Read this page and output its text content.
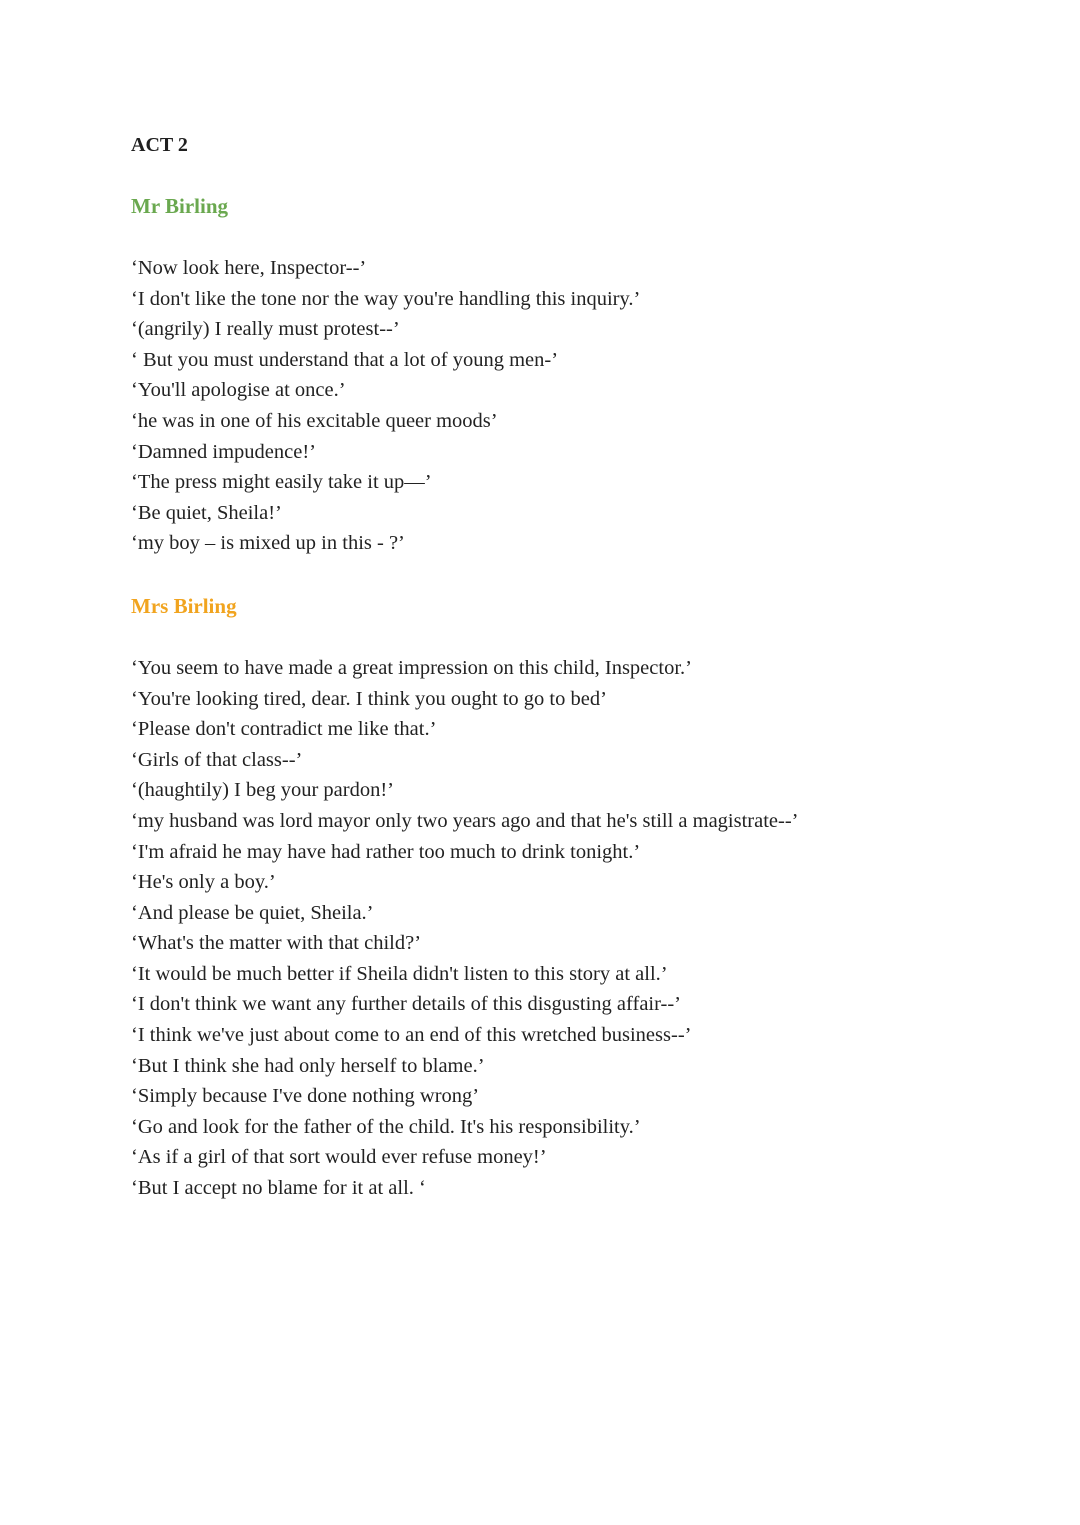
ACT 2
Mr Birling
‘Now look here, Inspector--’
‘I don't like the tone nor the way you're handling this inquiry.’
‘(angrily) I really must protest--’
‘ But you must understand that a lot of young men-’
‘You'll apologise at once.’
‘he was in one of his excitable queer moods’
‘Damned impudence!’
‘The press might easily take it up—’
‘Be quiet, Sheila!’
‘my boy – is mixed up in this - ?’
Mrs Birling
‘You seem to have made a great impression on this child, Inspector.’
‘You're looking tired, dear. I think you ought to go to bed’
‘Please don't contradict me like that.’
‘Girls of that class--’
‘(haughtily) I beg your pardon!’
‘my husband was lord mayor only two years ago and that he's still a magistrate--’
‘I'm afraid he may have had rather too much to drink tonight.’
‘He's only a boy.’
‘And please be quiet, Sheila.’
‘What's the matter with that child?’
‘It would be much better if Sheila didn't listen to this story at all.’
‘I don't think we want any further details of this disgusting affair--’
‘I think we've just about come to an end of this wretched business--’
‘But I think she had only herself to blame.’
‘Simply because I've done nothing wrong’
‘Go and look for the father of the child. It's his responsibility.’
‘As if a girl of that sort would ever refuse money!’
‘But I accept no blame for it at all. ‘
